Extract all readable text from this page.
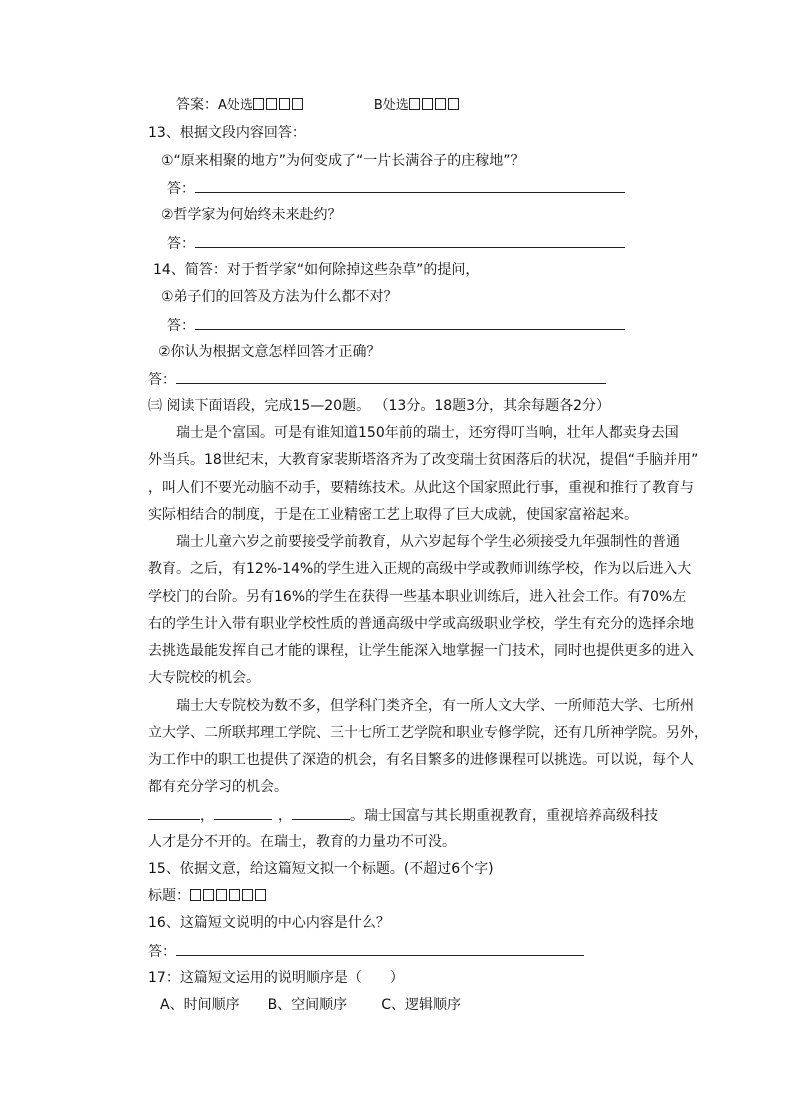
答案：A处选	B处选
13、根据文段内容回答：
①“原来相聚的地方”为何变成了“一片长满谷子的庄稼地”？
答：
②哲学家为何始终未来赴约？
答：
14、简答：对于哲学家“如何除掉这些杂草”的提问，
①弟子们的回答及方法为什么都不对？
答：
②你认为根据文意怎样回答才正确？
答：
㈢ 阅读下面语段，完成15—20题。 （13分。18题3分，其余每题各2分）
瑞士是个富国。可是有谁知道150年前的瑞士，还穷得叮当响，壮年人都卖身去国
外当兵。18世纪末，大教育家裴斯塔洛齐为了改变瑞士贫困落后的状况，提倡“手脑并用”
，叫人们不要光动脑不动手，要精练技术。从此这个国家照此行事，重视和推行了教育与
实际相结合的制度，于是在工业精密工艺上取得了巨大成就，使国家富裕起来。
瑞士儿童六岁之前要接受学前教育，从六岁起每个学生必须接受九年强制性的普通
教育。之后，有12%-14%的学生进入正规的高级中学或教师训练学校，作为以后进入大
学校门的台阶。另有16%的学生在获得一些基本职业训练后，进入社会工作。有70%左
右的学生计入带有职业学校性质的普通高级中学或高级职业学校，学生有充分的选择余地
去挑选最能发挥自己才能的课程，让学生能深入地掌握一门技术，同时也提供更多的进入
大专院校的机会。
瑞士大专院校为数不多，但学科门类齐全，有一所人文大学、一所师范大学、七所州
立大学、二所联邦理工学院、三十七所工艺学院和职业专修学院，还有几所神学院。另外，
为工作中的职工也提供了深造的机会，有名目繁多的进修课程可以挑选。可以说，每个人
都有充分学习的机会。
，	，	。瑞士国富与其长期重视教育，重视培养高级科技
人才是分不开的。在瑞士，教育的力量功不可没。
15、依据文意，给这篇短文拟一个标题。(不超过6个字)
标题：
16、这篇短文说明的中心内容是什么？
答：
17：这篇短文运用的说明顺序是（　　）
A、时间顺序 B、空间顺序 C、逻辑顺序
